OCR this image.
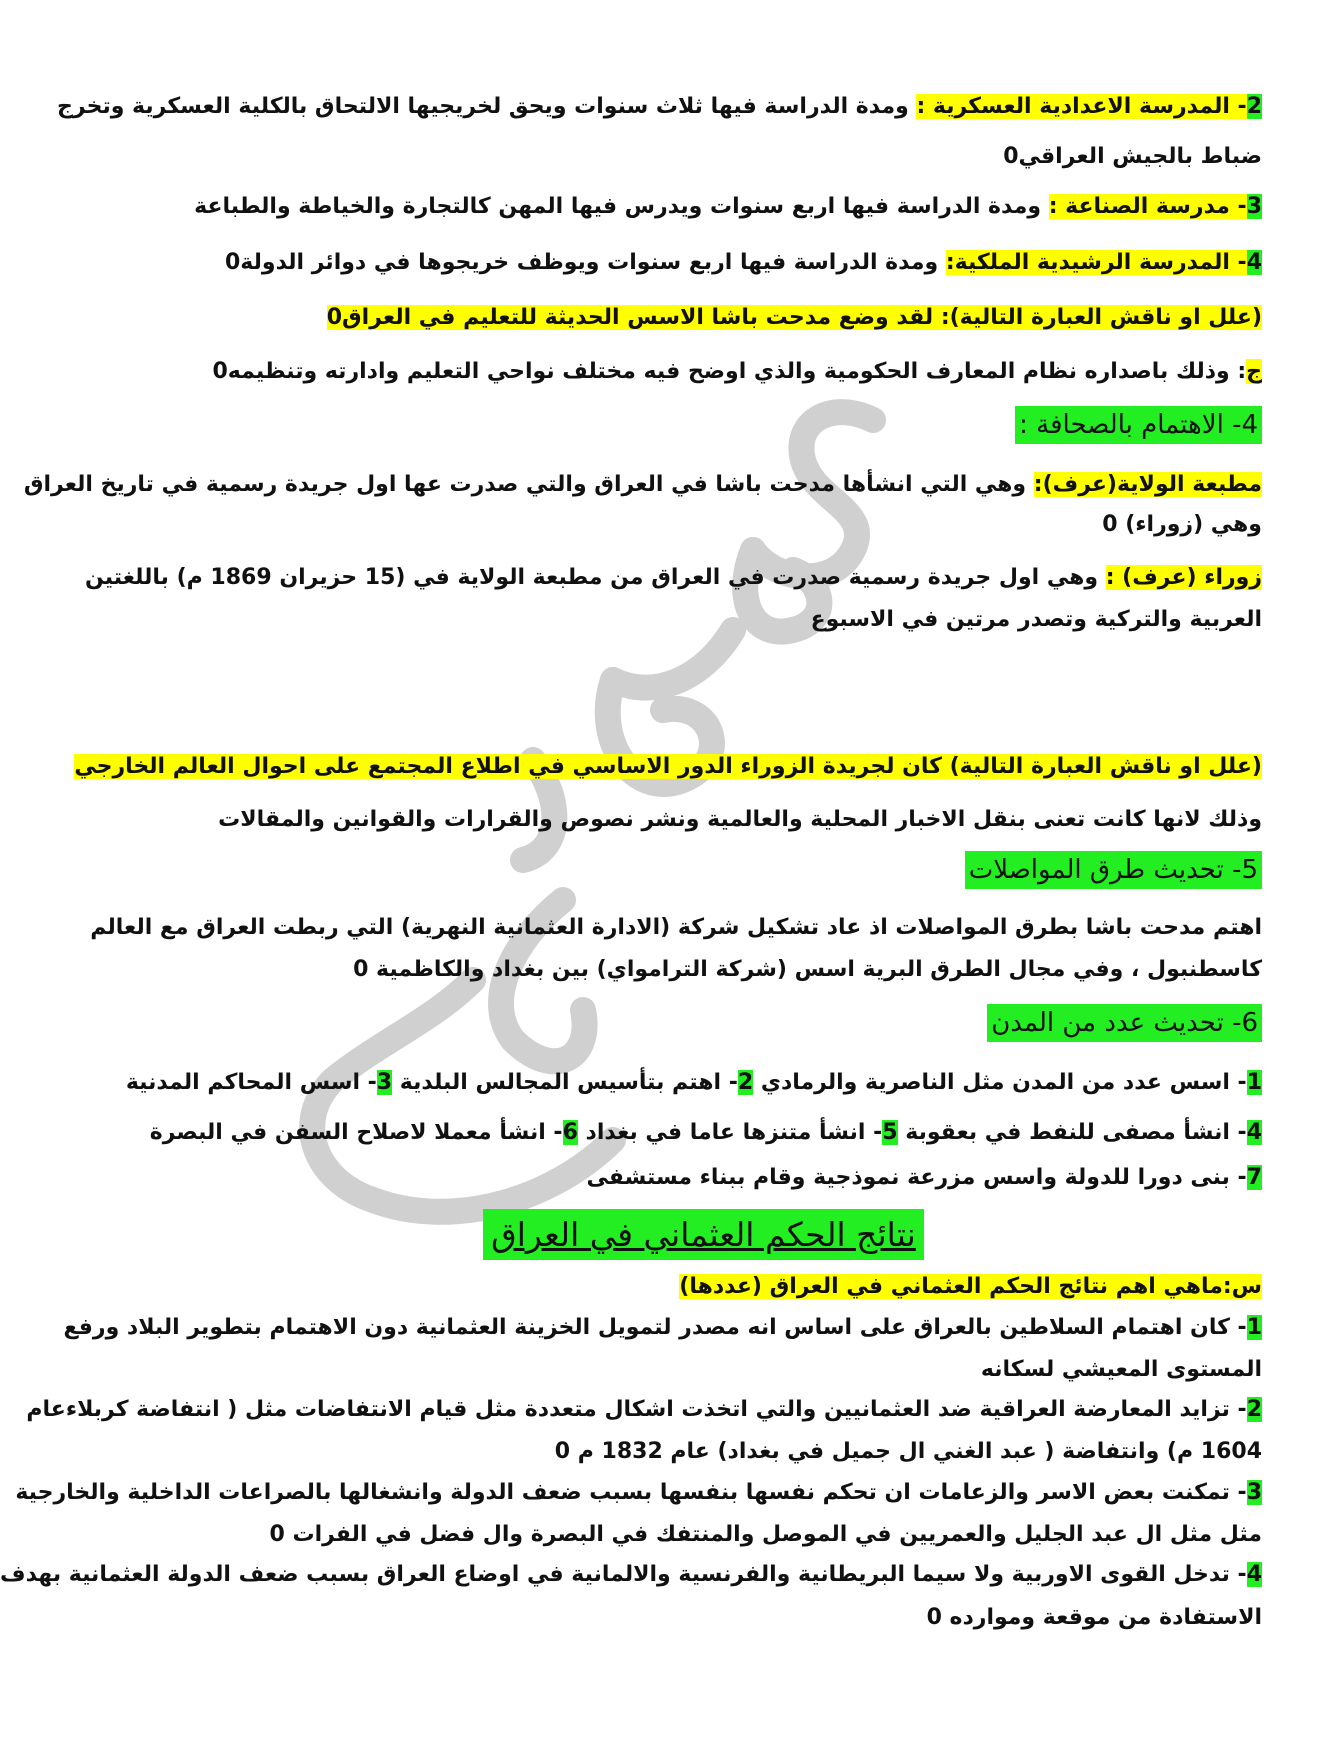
2- المدرسة الاعدادية العسكرية : ومدة الدراسة فيها ثلاث سنوات ويحق لخريجيها الالتحاق بالكلية العسكرية وتخرج
ضباط بالجيش العراقي0
3- مدرسة الصناعة : ومدة الدراسة فيها اربع سنوات ويدرس فيها المهن كالتجارة والخياطة والطباعة
4- المدرسة الرشيدية الملكية: ومدة الدراسة فيها اربع سنوات ويوظف خريجوها في دوائر الدولة0
(علل او ناقش العبارة التالية): لقد وضع مدحت باشا الاسس الحديثة للتعليم في العراق0
ج: وذلك باصداره نظام المعارف الحكومية والذي اوضح فيه مختلف نواحي التعليم وادارته وتنظيمه0
4- الاهتمام بالصحافة :
مطبعة الولاية(عرف): وهي التي انشأها مدحت باشا في العراق والتي صدرت عها اول جريدة رسمية في تاريخ العراق
وهي (زوراء) 0
زوراء (عرف) : وهي اول جريدة رسمية صدرت في العراق من مطبعة الولاية في (15 حزيران 1869 م) باللغتين
العربية والتركية وتصدر مرتين في الاسبوع
(علل او ناقش العبارة التالية) كان لجريدة الزوراء الدور الاساسي في اطلاع المجتمع على احوال العالم الخارجي
وذلك لانها كانت تعنى بنقل الاخبار المحلية والعالمية ونشر نصوص والقرارات والقوانين والمقالات
5- تحديث طرق المواصلات
اهتم مدحت باشا بطرق المواصلات اذ عاد تشكيل شركة (الادارة العثمانية النهرية) التي ربطت العراق مع العالم
كاسطنبول ، وفي مجال الطرق البرية اسس (شركة الترامواي) بين بغداد والكاظمية 0
6- تحديث عدد من المدن
1- اسس عدد من المدن مثل الناصرية والرمادي 2- اهتم بتأسيس المجالس البلدية 3- اسس المحاكم المدنية
4- انشأ مصفى للنفط في بعقوبة 5- انشأ متنزها عاما في بغداد 6- انشأ معملا لاصلاح السفن في البصرة
7- بنى دورا للدولة واسس مزرعة نموذجية وقام ببناء مستشفى
نتائج الحكم العثماني في العراق
س:ماهي اهم نتائج الحكم العثماني في العراق (عددها)
1- كان اهتمام السلاطين بالعراق على اساس انه مصدر لتمويل الخزينة العثمانية دون الاهتمام بتطوير البلاد ورفع
المستوى المعيشي لسكانه
2- تزايد المعارضة العراقية ضد العثمانيين والتي اتخذت اشكال متعددة مثل قيام الانتفاضات مثل ( انتفاضة كربلاءعام
1604 م) وانتفاضة ( عبد الغني ال جميل في بغداد) عام 1832 م 0
3- تمكنت بعض الاسر والزعامات ان تحكم نفسها بنفسها بسبب ضعف الدولة وانشغالها بالصراعات الداخلية والخارجية
مثل مثل ال عبد الجليل والعمريين في الموصل والمنتفك في البصرة وال فضل في الفرات 0
4- تدخل القوى الاوربية ولا سيما البريطانية والفرنسية والالمانية في اوضاع العراق بسبب ضعف الدولة العثمانية بهدف
الاستفادة من موقعة وموارده 0
